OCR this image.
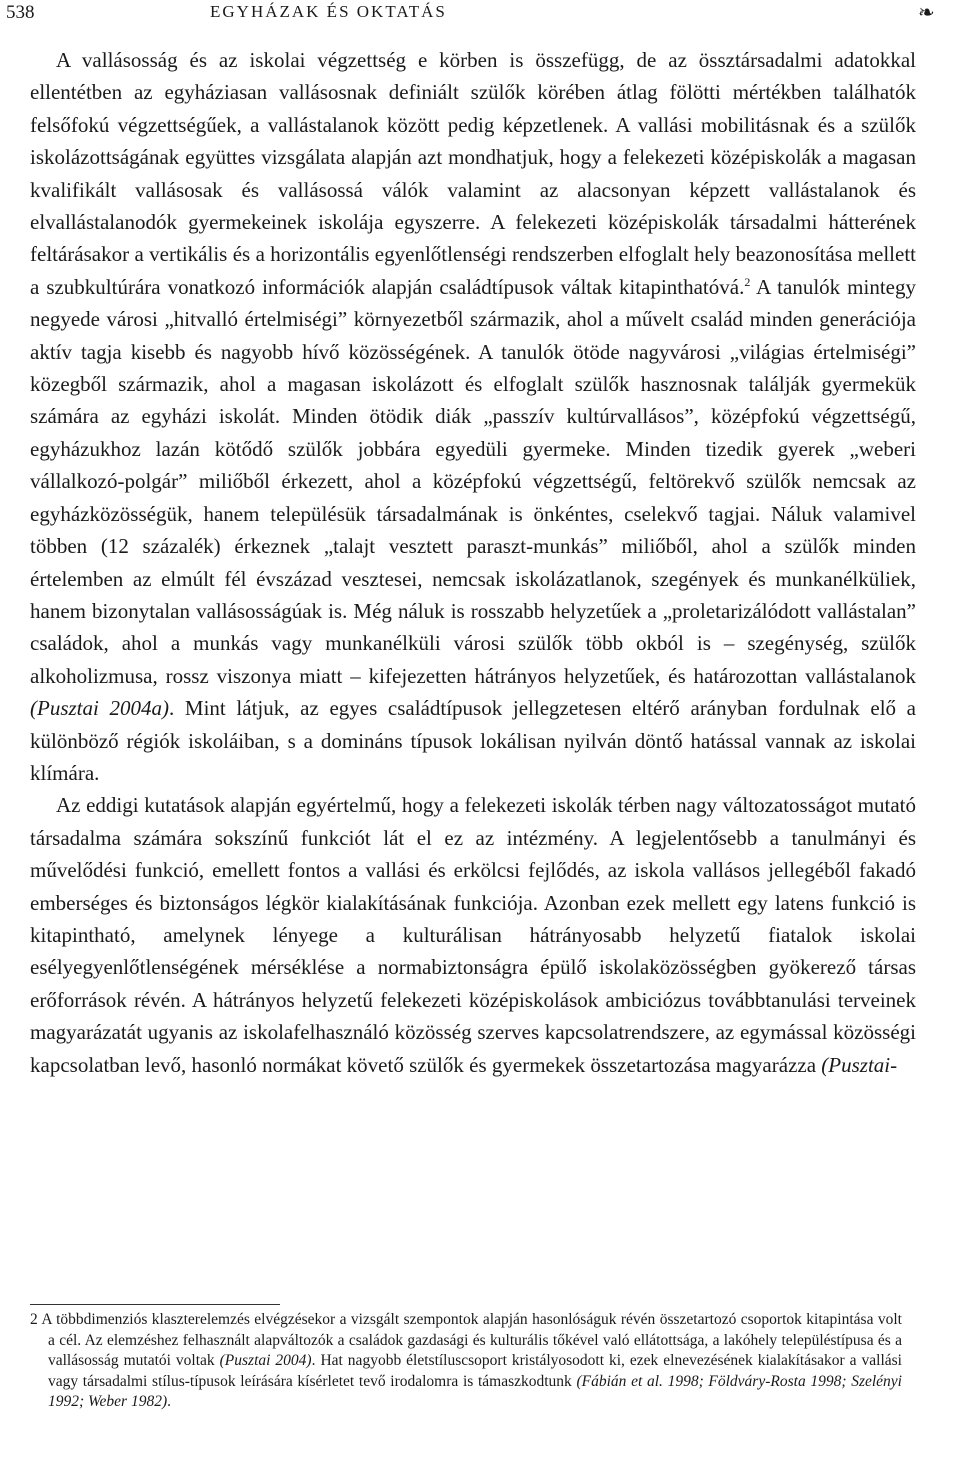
538	EGYHÁZAK ÉS OKTATÁS	❧

A vallásosság és az iskolai végzettség e körben is összefügg, de az össztársadalmi adatokkal ellentétben az egyháziasan vallásosnak definiált szülők körében átlag fölötti mértékben találhatók felsőfokú végzettségűek, a vallástalanok között pedig képzetlenek. A vallási mobilitásnak és a szülők iskolázottságának együttes vizsgálata alapján azt mondhatjuk, hogy a felekezeti középiskolák a magasan kvalifikált vallásosak és vallásossá válók valamint az alacsonyan képzett vallástalanok és elvallástalanodók gyermekeinek iskolája egyszerre. A felekezeti középiskolák társadalmi hátterének feltárásakor a vertikális és a horizontális egyenlőtlenségi rendszerben elfoglalt hely beazonosítása mellett a szubkultúrára vonatkozó információk alapján családtípusok váltak kitapinthatóvá.$^2$ A tanulók mintegy negyede városi „hitvalló értelmiségi” környezetből származik, ahol a művelt család minden generációja aktív tagja kisebb és nagyobb hívő közösségének. A tanulók ötöde nagyvárosi „világias értelmiségi” közegből származik, ahol a magasan iskolázott és elfoglalt szülők hasznosnak találják gyermekük számára az egyházi iskolát. Minden ötödik diák „passzív kultúrvallásos”, középfokú végzettségű, egyházukhoz lazán kötődő szülők jobbára egyedüli gyermeke. Minden tizedik gyerek „weberi vállalkozó-polgár” miliőből érkezett, ahol a középfokú végzettségű, feltörekvő szülők nemcsak az egyházközösségük, hanem településük társadalmának is önkéntes, cselekvő tagjai. Náluk valamivel többen (12 százalék) érkeznek „talajt vesztett paraszt-munkás” miliőből, ahol a szülők minden értelemben az elmúlt fél évszázad vesztesei, nemcsak iskolázatlanok, szegények és munkanélküliek, hanem bizonytalan vallásosságúak is. Még náluk is rosszabb helyzetűek a „proletarizálódott vallástalan” családok, ahol a munkás vagy munkanélküli városi szülők több okból is – szegénység, szülők alkoholizmusa, rossz viszonya miatt – kifejezetten hátrányos helyzetűek, és határozottan vallástalanok (Pusztai 2004a). Mint látjuk, az egyes családtípusok jellegzetesen eltérő arányban fordulnak elő a különböző régiók iskoláiban, s a domináns típusok lokálisan nyilván döntő hatással vannak az iskolai klímára.

Az eddigi kutatások alapján egyértelmű, hogy a felekezeti iskolák térben nagy változatosságot mutató társadalma számára sokszínű funkciót lát el ez az intézmény. A legjelentősebb a tanulmányi és művelődési funkció, emellett fontos a vallási és erkölcsi fejlődés, az iskola vallásos jellegéből fakadó emberséges és biztonságos légkör kialakításának funkciója. Azonban ezek mellett egy latens funkció is kitapintható, amelynek lényege a kulturálisan hátrányosabb helyzetű fiatalok iskolai esélyegyenlőtlenségének mérséklése a normabiztonságra épülő iskolaközösségben gyökerező társas erőforrások révén. A hátrányos helyzetű felekezeti középiskolások ambiciózus továbbtanulási terveinek magyarázatát ugyanis az iskolafelhasználó közösség szerves kapcsolatrendszere, az egymással közösségi kapcsolatban levő, hasonló normákat követő szülők és gyermekek összetartozása magyarázza (Pusztai-

2 A többdimenziós klaszterelemzés elvégzésekor a vizsgált szempontok alapján hasonlóságuk révén összetartozó csoportok kitapintása volt a cél. Az elemzéshez felhasznált alapváltozók a családok gazdasági és kulturális tőkével való ellátottsága, a lakóhely településtípusa és a vallásosság mutatói voltak (Pusztai 2004). Hat nagyobb életstíluscsoport kristályosodott ki, ezek elnevezésének kialakításakor a vallási vagy társadalmi stílus-típusok leírására kísérletet tevő irodalomra is támaszkodtunk (Fábián et al. 1998; Földváry-Rosta 1998; Szelényi 1992; Weber 1982).
